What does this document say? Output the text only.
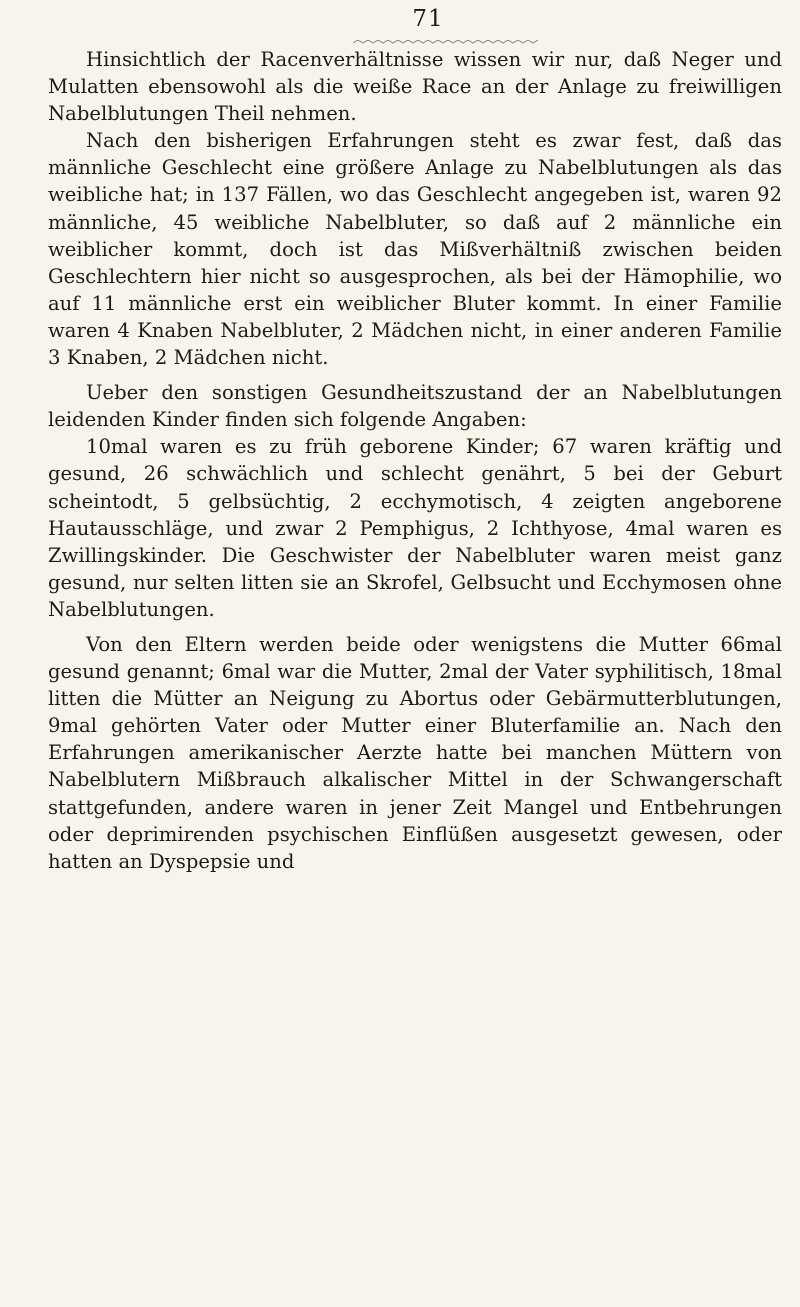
71

Hinsichtlich der Racenverhältnisse wissen wir nur, daß Neger und Mulatten ebensowohl als die weiße Race an der Anlage zu freiwilligen Nabelblutungen Theil nehmen.

Nach den bisherigen Erfahrungen steht es zwar fest, daß das männliche Geschlecht eine größere Anlage zu Nabelblutungen als das weibliche hat; in 137 Fällen, wo das Geschlecht angegeben ist, waren 92 männliche, 45 weibliche Nabelbluter, so daß auf 2 männliche ein weiblicher kommt, doch ist das Mißverhältniß zwischen beiden Geschlechtern hier nicht so ausgesprochen, als bei der Hämophilie, wo auf 11 männliche erst ein weiblicher Bluter kommt. In einer Familie waren 4 Knaben Nabelbluter, 2 Mädchen nicht, in einer anderen Familie 3 Knaben, 2 Mädchen nicht.

Ueber den sonstigen Gesundheitszustand der an Nabelblutungen leidenden Kinder finden sich folgende Angaben:

10mal waren es zu früh geborene Kinder; 67 waren kräftig und gesund, 26 schwächlich und schlecht genährt, 5 bei der Geburt scheintodt, 5 gelbsüchtig, 2 ecchymotisch, 4 zeigten angeborene Hautausschläge, und zwar 2 Pemphigus, 2 Ichthyose, 4mal waren es Zwillingskinder. Die Geschwister der Nabelbluter waren meist ganz gesund, nur selten litten sie an Skrofel, Gelbsucht und Ecchymosen ohne Nabelblutungen.

Von den Eltern werden beide oder wenigstens die Mutter 66mal gesund genannt; 6mal war die Mutter, 2mal der Vater syphilitisch, 18mal litten die Mütter an Neigung zu Abortus oder Gebärmutterblutungen, 9mal gehörten Vater oder Mutter einer Bluterfamilie an. Nach den Erfahrungen amerikanischer Aerzte hatte bei manchen Müttern von Nabelblutern Mißbrauch alkalischer Mittel in der Schwangerschaft stattgefunden, andere waren in jener Zeit Mangel und Entbehrungen oder deprimirenden psychischen Einflüßen ausgesetzt gewesen, oder hatten an Dyspepsie und
